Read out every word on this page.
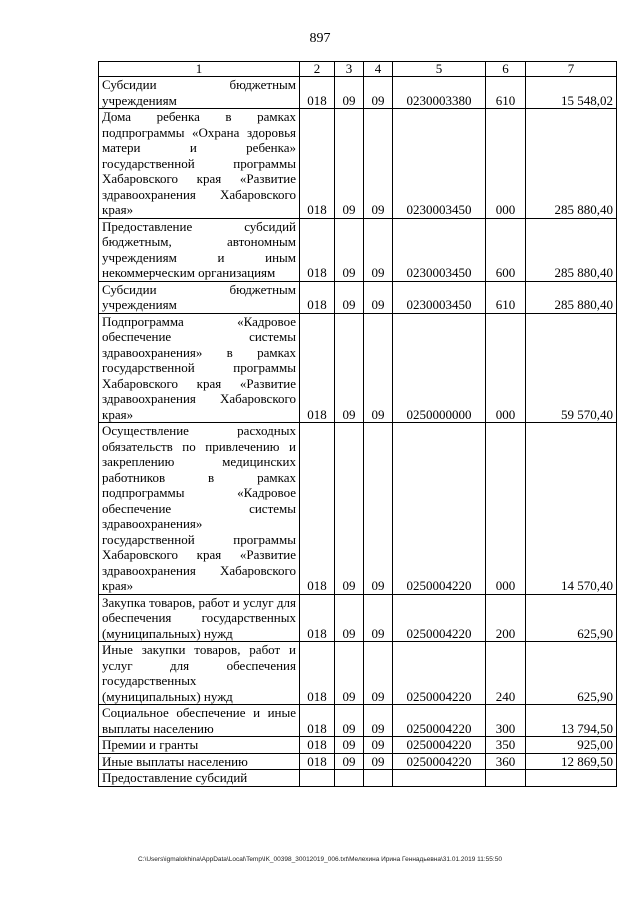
897
1	2	3	4	5	6	7
Субсидии бюджетным учреждениям	018	09	09	0230003380	610	15 548,02
Дома ребенка в рамках подпрограммы «Охрана здоровья матери и ребенка» государственной программы Хабаровского края «Развитие здравоохранения Хабаровского края»	018	09	09	0230003450	000	285 880,40
Предоставление субсидий бюджетным, автономным учреждениям и иным некоммерческим организациям	018	09	09	0230003450	600	285 880,40
Субсидии бюджетным учреждениям	018	09	09	0230003450	610	285 880,40
Подпрограмма «Кадровое обеспечение системы здравоохранения» в рамках государственной программы Хабаровского края «Развитие здравоохранения Хабаровского края»	018	09	09	0250000000	000	59 570,40
Осуществление расходных обязательств по привлечению и закреплению медицинских работников в рамках подпрограммы «Кадровое обеспечение системы здравоохранения» государственной программы Хабаровского края «Развитие здравоохранения Хабаровского края»	018	09	09	0250004220	000	14 570,40
Закупка товаров, работ и услуг для обеспечения государственных (муниципальных) нужд	018	09	09	0250004220	200	625,90
Иные закупки товаров, работ и услуг для обеспечения государственных (муниципальных) нужд	018	09	09	0250004220	240	625,90
Социальное обеспечение и иные выплаты населению	018	09	09	0250004220	300	13 794,50
Премии и гранты	018	09	09	0250004220	350	925,00
Иные выплаты населению	018	09	09	0250004220	360	12 869,50
Предоставление субсидий						
C:\Users\igmalokhina\AppData\Local\Temp\IK_00398_30012019_006.txt\Мелехина Ирина Геннадьевна\31.01.2019 11:55:50
